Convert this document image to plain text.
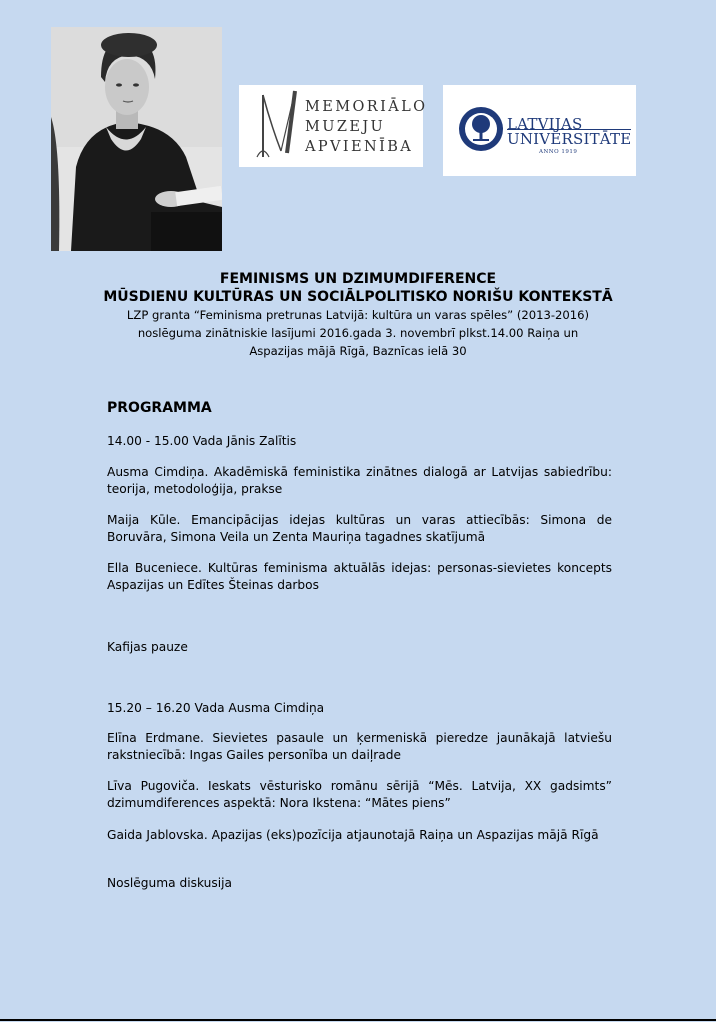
MEMORIĀLO
MUZEJU
APVIENĪBA
LATVIJAS
UNIVERSITĀTE
ANNO 1919
FEMINISMS UN DZIMUMDIFERENCE
MŪSDIENU KULTŪRAS UN SOCIĀLPOLITISKO NORIŠU KONTEKSTĀ
LZP granta “Feminisma pretrunas Latvijā: kultūra un varas spēles” (2013-2016)
noslēguma zinātniskie lasījumi 2016.gada 3. novembrī plkst.14.00 Raiņa un
Aspazijas mājā Rīgā, Baznīcas ielā 30
PROGRAMMA

14.00 - 15.00 Vada Jānis Zalītis

Ausma Cimdiņa. Akadēmiskā feministika zinātnes dialogā ar Latvijas sabiedrību: teorija, metodoloģija, prakse

Maija Kūle. Emancipācijas idejas kultūras un varas attiecībās: Simona de Boruvāra, Simona Veila un Zenta Mauriņa tagadnes skatījumā

Ella Buceniece. Kultūras feminisma aktuālās idejas: personas-sievietes koncepts Aspazijas un Edītes Šteinas darbos

Kafijas pauze

15.20 – 16.20 Vada Ausma Cimdiņa

Elīna Erdmane. Sievietes pasaule un ķermeniskā pieredze jaunākajā latviešu rakstniecībā: Ingas Gailes personība un daiļrade

Līva Pugoviča. Ieskats vēsturisko romānu sērijā “Mēs. Latvija, XX gadsimts” dzimumdiferences aspektā: Nora Ikstena: “Mātes piens”

Gaida Jablovska. Apazijas (eks)pozīcija atjaunotajā Raiņa un Aspazijas mājā Rīgā

Noslēguma diskusija
